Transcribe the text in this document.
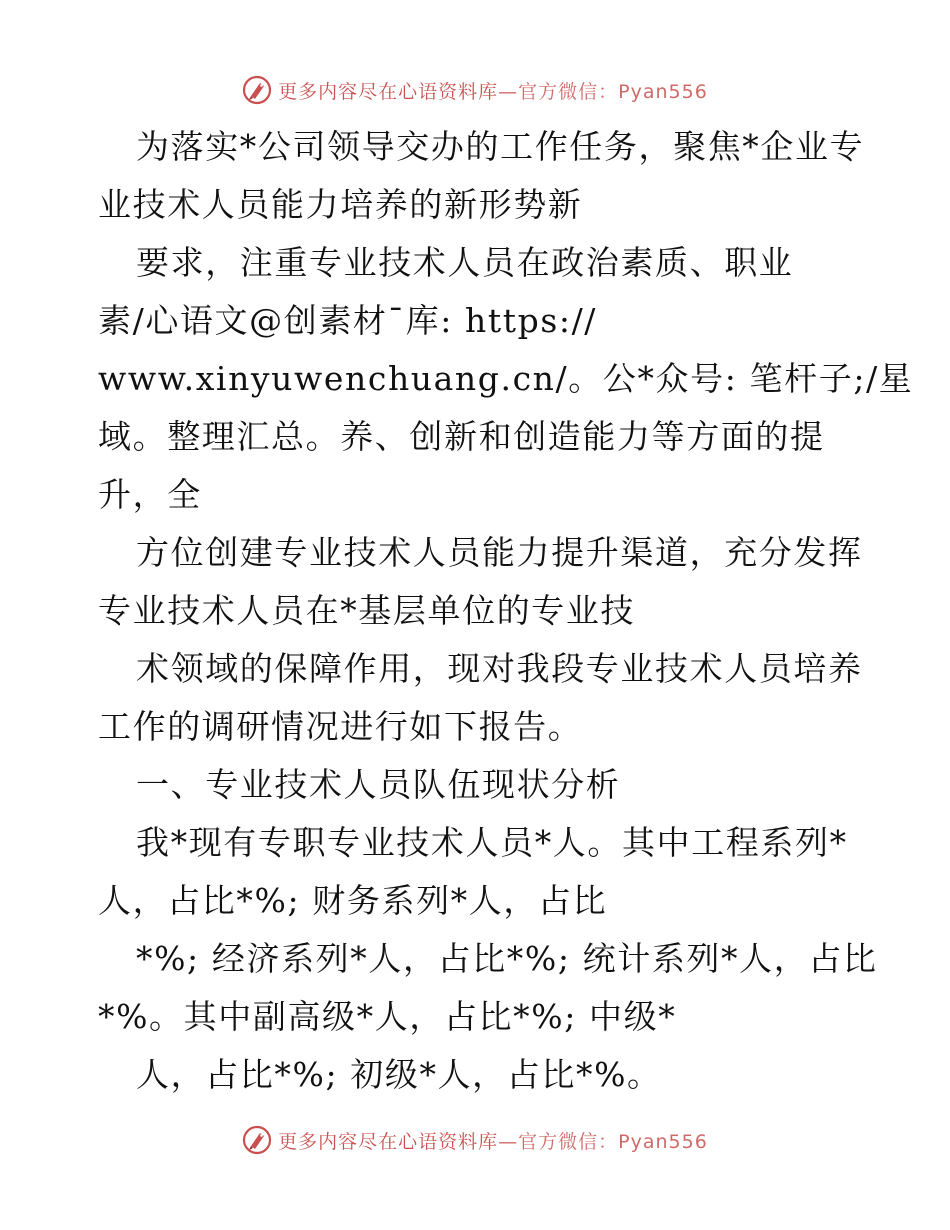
更多内容尽在心语资料库—官方微信：Pyan556
为落实*公司领导交办的工作任务，聚焦*企业专
业技术人员能力培养的新形势新
要求，注重专业技术人员在政治素质、职业
素/心语文@创素材¯库: https://
www.xinyuwenchuang.cn/。公*众号: 笔杆子;/星
域。整理汇总。养、创新和创造能力等方面的提
升，全
方位创建专业技术人员能力提升渠道，充分发挥
专业技术人员在*基层单位的专业技
术领域的保障作用，现对我段专业技术人员培养
工作的调研情况进行如下报告。
一、专业技术人员队伍现状分析
我*现有专职专业技术人员*人。其中工程系列*
人，占比*%; 财务系列*人，占比
*%; 经济系列*人，占比*%; 统计系列*人，占比
*%。其中副高级*人，占比*%; 中级*
人，占比*%; 初级*人，占比*%。
更多内容尽在心语资料库—官方微信：Pyan556
